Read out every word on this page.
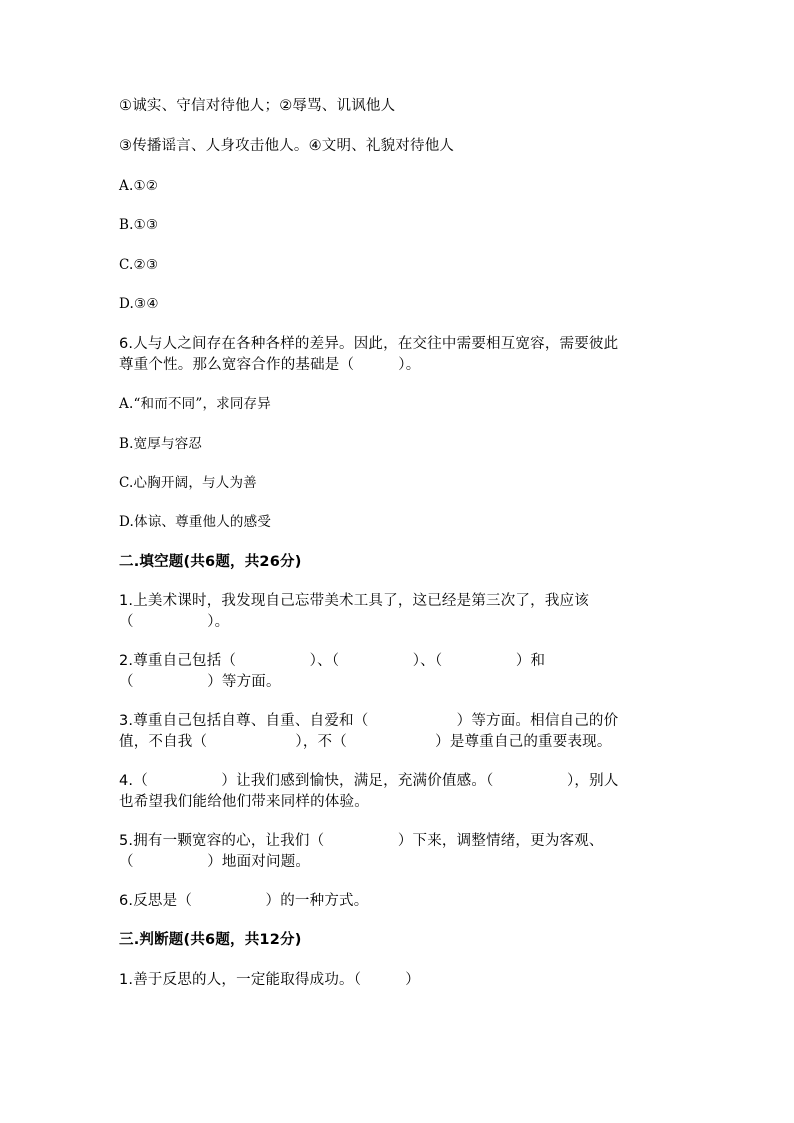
①诚实、守信对待他人；②辱骂、讥讽他人
③传播谣言、人身攻击他人。④文明、礼貌对待他人
A.①②
B.①③
C.②③
D.③④
6.人与人之间存在各种各样的差异。因此，在交往中需要相互宽容，需要彼此
尊重个性。那么宽容合作的基础是（　　　）。
A.“和而不同”，求同存异
B.宽厚与容忍
C.心胸开阔，与人为善
D.体谅、尊重他人的感受
二.填空题(共6题，共26分)
1.上美术课时，我发现自己忘带美术工具了，这已经是第三次了，我应该
（　　　　　）。
2.尊重自己包括（　　　　　）、（　　　　　）、（　　　　　）和
（　　　　　）等方面。
3.尊重自己包括自尊、自重、自爱和（　　　　　　）等方面。相信自己的价
值，不自我（　　　　　　），不（　　　　　　）是尊重自己的重要表现。
4.（　　　　　）让我们感到愉快，满足，充满价值感。（　　　　　），别人
也希望我们能给他们带来同样的体验。
5.拥有一颗宽容的心，让我们（　　　　　）下来，调整情绪，更为客观、
（　　　　　）地面对问题。
6.反思是（　　　　　）的一种方式。
三.判断题(共6题，共12分)
1.善于反思的人，一定能取得成功。（　　　）
